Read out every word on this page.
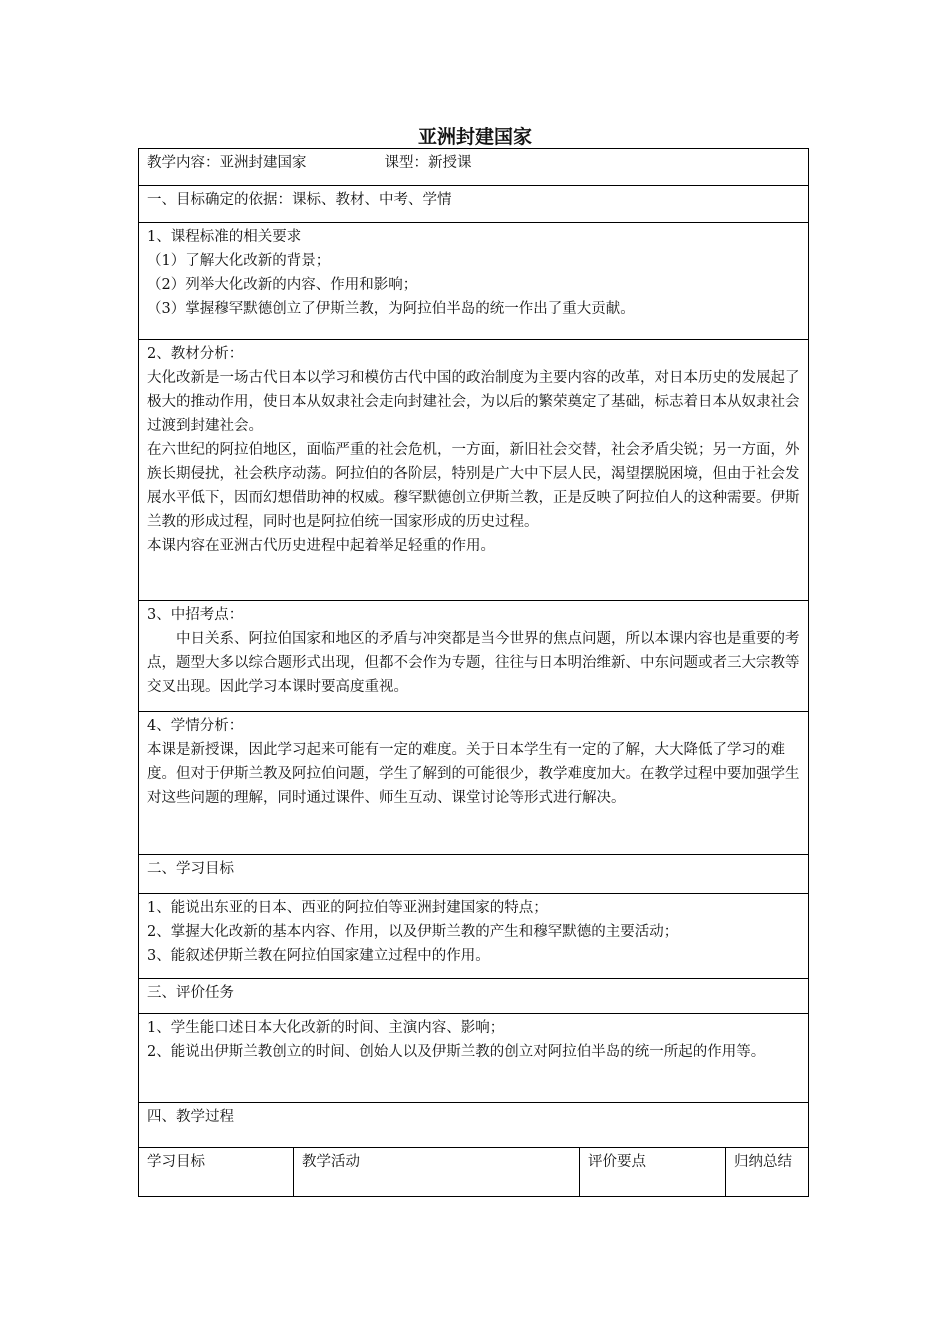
亚洲封建国家
教学内容：亚洲封建国家	课型：新授课
一、目标确定的依据：课标、教材、中考、学情

1、课程标准的相关要求

（1）了解大化改新的背景；

（2）列举大化改新的内容、作用和影响；

（3）掌握穆罕默德创立了伊斯兰教，为阿拉伯半岛的统一作出了重大贡献。

2、教材分析：

大化改新是一场古代日本以学习和模仿古代中国的政治制度为主要内容的改革，对日本历史的发展起了极大的推动作用，使日本从奴隶社会走向封建社会，为以后的繁荣奠定了基础，标志着日本从奴隶社会过渡到封建社会。

在六世纪的阿拉伯地区，面临严重的社会危机，一方面，新旧社会交替，社会矛盾尖锐；另一方面，外族长期侵扰，社会秩序动荡。阿拉伯的各阶层，特别是广大中下层人民，渴望摆脱困境，但由于社会发展水平低下，因而幻想借助神的权威。穆罕默德创立伊斯兰教，正是反映了阿拉伯人的这种需要。伊斯兰教的形成过程，同时也是阿拉伯统一国家形成的历史过程。

本课内容在亚洲古代历史进程中起着举足轻重的作用。

3、中招考点：

中日关系、阿拉伯国家和地区的矛盾与冲突都是当今世界的焦点问题，所以本课内容也是重要的考点，题型大多以综合题形式出现，但都不会作为专题，往往与日本明治维新、中东问题或者三大宗教等交叉出现。因此学习本课时要高度重视。

4、学情分析：

本课是新授课，因此学习起来可能有一定的难度。关于日本学生有一定的了解，大大降低了学习的难度。但对于伊斯兰教及阿拉伯问题，学生了解到的可能很少，教学难度加大。在教学过程中要加强学生对这些问题的理解，同时通过课件、师生互动、课堂讨论等形式进行解决。

二、学习目标

1、能说出东亚的日本、西亚的阿拉伯等亚洲封建国家的特点；

2、掌握大化改新的基本内容、作用，以及伊斯兰教的产生和穆罕默德的主要活动；

3、能叙述伊斯兰教在阿拉伯国家建立过程中的作用。

三、评价任务

1、学生能口述日本大化改新的时间、主演内容、影响；

2、能说出伊斯兰教创立的时间、创始人以及伊斯兰教的创立对阿拉伯半岛的统一所起的作用等。

四、教学过程

学习目标	教学活动	评价要点	归纳总结
